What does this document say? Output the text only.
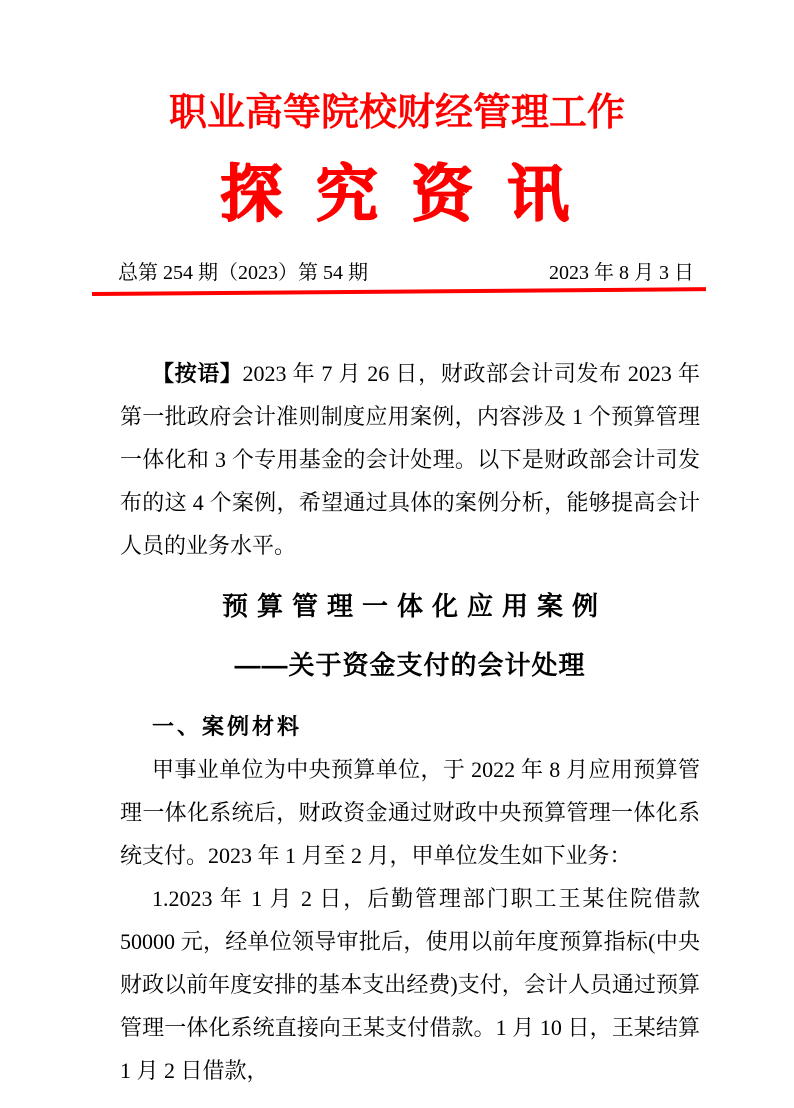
职业高等院校财经管理工作
探 究 资 讯
总第 254 期（2023）第 54 期	2023 年 8 月 3 日

【按语】2023 年 7 月 26 日，财政部会计司发布 2023 年第一批政府会计准则制度应用案例，内容涉及 1 个预算管理一体化和 3 个专用基金的会计处理。以下是财政部会计司发布的这 4 个案例，希望通过具体的案例分析，能够提高会计人员的业务水平。

预算管理一体化应用案例
——关于资金支付的会计处理
一、案例材料

甲事业单位为中央预算单位，于 2022 年 8 月应用预算管理一体化系统后，财政资金通过财政中央预算管理一体化系统支付。2023 年 1 月至 2 月，甲单位发生如下业务：

1.2023 年 1 月 2 日，后勤管理部门职工王某住院借款 50000 元，经单位领导审批后，使用以前年度预算指标(中央财政以前年度安排的基本支出经费)支付，会计人员通过预算管理一体化系统直接向王某支付借款。1 月 10 日，王某结算 1 月 2 日借款，
